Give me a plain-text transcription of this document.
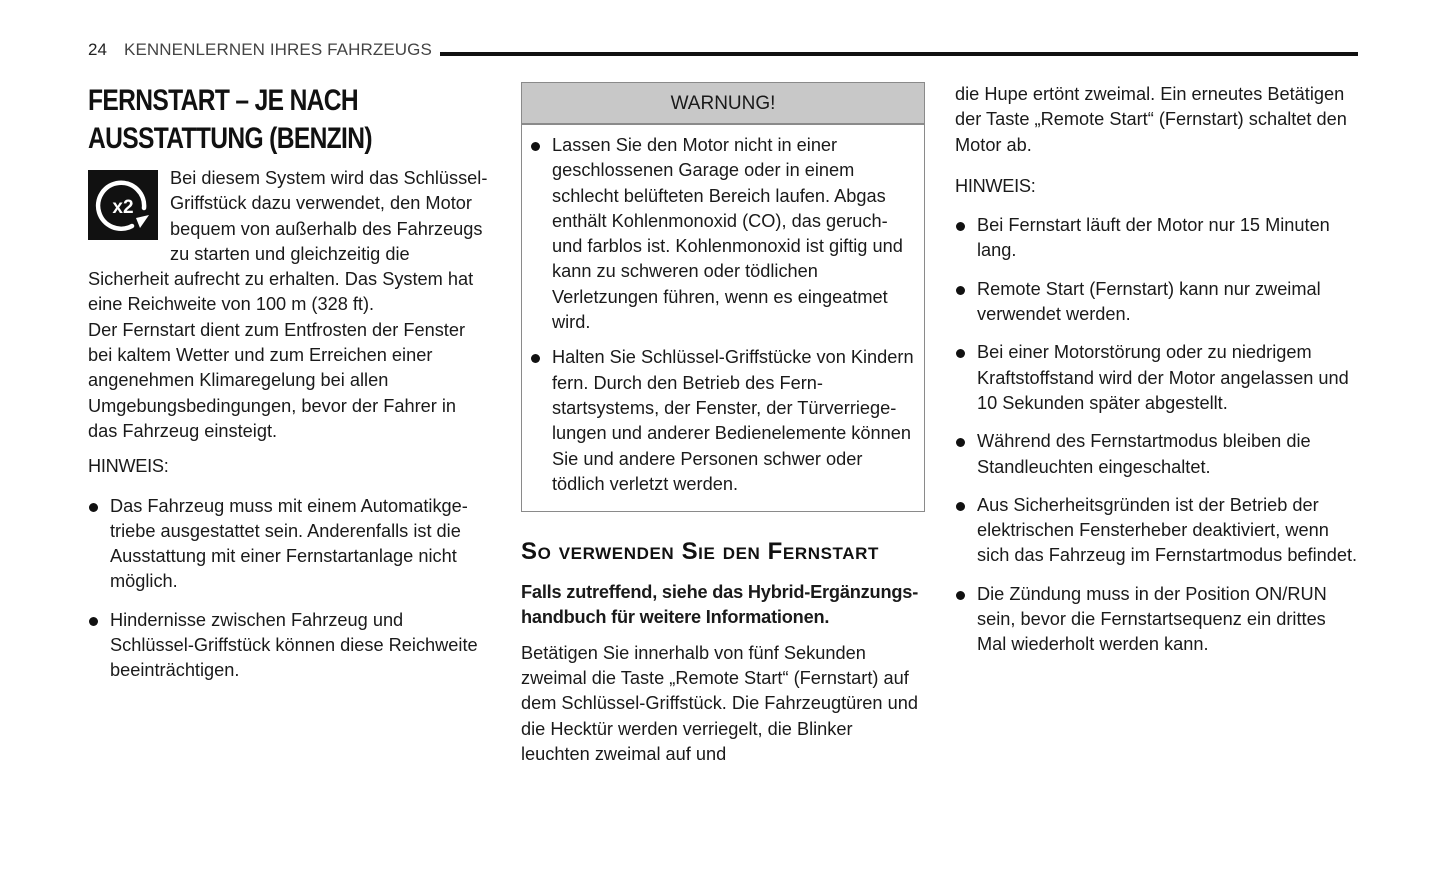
24 KENNENLERNEN IHRES FAHRZEUGS
FERNSTART – JE NACH AUSSTATTUNG (BENZIN)

x2
Bei diesem System wird das Schlüssel-Griffstück dazu verwendet, den Motor bequem von außerhalb des Fahrzeugs zu starten und gleichzeitig die Sicherheit aufrecht zu erhalten. Das System hat eine Reichweite von 100 m (328 ft).

Der Fernstart dient zum Entfrosten der Fenster bei kaltem Wetter und zum Erreichen einer angenehmen Klimaregelung bei allen Umgebungsbedingungen, bevor der Fahrer in das Fahrzeug einsteigt.

HINWEIS:

Das Fahrzeug muss mit einem Automatikgetriebe ausgestattet sein. Anderenfalls ist die Ausstattung mit einer Fernstartanlage nicht möglich.
Hindernisse zwischen Fahrzeug und Schlüssel-Griffstück können diese Reichweite beeinträchtigen.
WARNUNG!
Lassen Sie den Motor nicht in einer geschlossenen Garage oder in einem schlecht belüfteten Bereich laufen. Abgas enthält Kohlenmonoxid (CO), das geruch- und farblos ist. Kohlenmonoxid ist giftig und kann zu schweren oder tödlichen Verletzungen führen, wenn es eingeatmet wird.
Halten Sie Schlüssel-Griffstücke von Kindern fern. Durch den Betrieb des Fernstartsystems, der Fenster, der Türverriegelungen und anderer Bedienelemente können Sie und andere Personen schwer oder tödlich verletzt werden.
So verwenden Sie den Fernstart

Falls zutreffend, siehe das Hybrid-Ergänzungshandbuch für weitere Informationen.

Betätigen Sie innerhalb von fünf Sekunden zweimal die Taste „Remote Start“ (Fernstart) auf dem Schlüssel-Griffstück. Die Fahrzeugtüren und die Hecktür werden verriegelt, die Blinker leuchten zweimal auf und

die Hupe ertönt zweimal. Ein erneutes Betätigen der Taste „Remote Start“ (Fernstart) schaltet den Motor ab.

HINWEIS:

Bei Fernstart läuft der Motor nur 15 Minuten lang.
Remote Start (Fernstart) kann nur zweimal verwendet werden.
Bei einer Motorstörung oder zu niedrigem Kraftstoffstand wird der Motor angelassen und 10 Sekunden später abgestellt.
Während des Fernstartmodus bleiben die Standleuchten eingeschaltet.
Aus Sicherheitsgründen ist der Betrieb der elektrischen Fensterheber deaktiviert, wenn sich das Fahrzeug im Fernstartmodus befindet.
Die Zündung muss in der Position ON/RUN sein, bevor die Fernstartsequenz ein drittes Mal wiederholt werden kann.
